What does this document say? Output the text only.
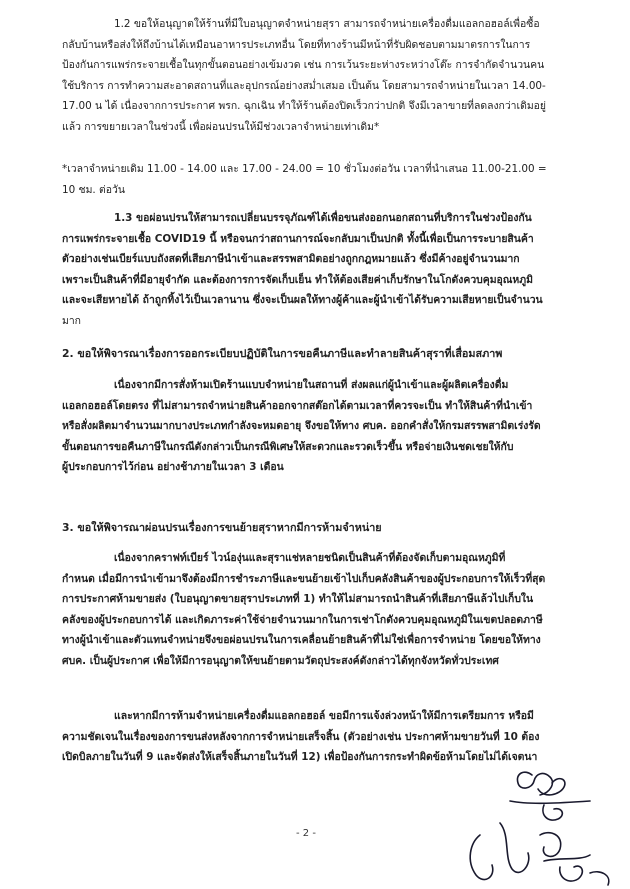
1.2 ขอให้อนุญาตให้ร้านที่มีใบอนุญาตจำหน่ายสุรา สามารถจำหน่ายเครื่องดื่มแอลกอฮอล์เพื่อซื้อ
กลับบ้านหรือส่งให้ถึงบ้านได้เหมือนอาหารประเภทอื่น โดยที่ทางร้านมีหน้าที่รับผิดชอบตามมาตรการในการ
ป้องกันการแพร่กระจายเชื้อในทุกขั้นตอนอย่างเข้มงวด เช่น การเว้นระยะห่างระหว่างโต๊ะ การจำกัดจำนวนคน
ใช้บริการ การทำความสะอาดสถานที่และอุปกรณ์อย่างสม่ำเสมอ เป็นต้น โดยสามารถจำหน่ายในเวลา 14.00-
17.00 น ได้ เนื่องจากการประกาศ พรก. ฉุกเฉิน ทำให้ร้านต้องปิดเร็วกว่าปกติ จึงมีเวลาขายที่ลดลงกว่าเดิมอยู่
แล้ว การขยายเวลาในช่วงนี้ เพื่อผ่อนปรนให้มีช่วงเวลาจำหน่ายเท่าเดิม*
*เวลาจำหน่ายเดิม 11.00 - 14.00 และ 17.00 - 24.00 = 10 ชั่วโมงต่อวัน เวลาที่นำเสนอ 11.00-21.00 =
10 ชม. ต่อวัน
1.3 ขอผ่อนปรนให้สามารถเปลี่ยนบรรจุภัณฑ์ได้เพื่อขนส่งออกนอกสถานที่บริการในช่วงป้องกัน
การแพร่กระจายเชื้อ COVID19 นี้ หรือจนกว่าสถานการณ์จะกลับมาเป็นปกติ ทั้งนี้เพื่อเป็นการระบายสินค้า
ตัวอย่างเช่นเบียร์แบบถังสดที่เสียภาษีนำเข้าและสรรพสามิตอย่างถูกกฎหมายแล้ว ซึ่งมีค้างอยู่จำนวนมาก
เพราะเป็นสินค้าที่มีอายุจำกัด และต้องการการจัดเก็บเย็น ทำให้ต้องเสียค่าเก็บรักษาในโกดังควบคุมอุณหภูมิ
และจะเสียหายได้ ถ้าถูกทิ้งไว้เป็นเวลานาน ซึ่งจะเป็นผลให้ทางผู้ค้าและผู้นำเข้าได้รับความเสียหายเป็นจำนวน
มาก
2. ขอให้พิจารณาเรื่องการออกระเบียบปฏิบัติในการขอคืนภาษีและทำลายสินค้าสุราที่เสื่อมสภาพ
เนื่องจากมีการสั่งห้ามเปิดร้านแบบจำหน่ายในสถานที่ ส่งผลแก่ผู้นำเข้าและผู้ผลิตเครื่องดื่ม
แอลกอฮอล์โดยตรง ที่ไม่สามารถจำหน่ายสินค้าออกจากสต๊อกได้ตามเวลาที่ควรจะเป็น ทำให้สินค้าที่นำเข้า
หรือสั่งผลิตมาจำนวนมากบางประเภทกำลังจะหมดอายุ จึงขอให้ทาง ศบค. ออกคำสั่งให้กรมสรรพสามิตเร่งรัด
ขั้นตอนการขอคืนภาษีในกรณีดังกล่าวเป็นกรณีพิเศษให้สะดวกและรวดเร็วขึ้น หรือจ่ายเงินชดเชยให้กับ
ผู้ประกอบการไว้ก่อน อย่างช้าภายในเวลา 3 เดือน
3. ขอให้พิจารณาผ่อนปรนเรื่องการขนย้ายสุราหากมีการห้ามจำหน่าย
เนื่องจากคราฟท์เบียร์ ไวน์องุ่นและสุราแช่หลายชนิดเป็นสินค้าที่ต้องจัดเก็บตามอุณหภูมิที่
กำหนด เมื่อมีการนำเข้ามาจึงต้องมีการชำระภาษีและขนย้ายเข้าไปเก็บคลังสินค้าของผู้ประกอบการให้เร็วที่สุด
การประกาศห้ามขายส่ง (ใบอนุญาตขายสุราประเภทที่ 1) ทำให้ไม่สามารถนำสินค้าที่เสียภาษีแล้วไปเก็บใน
คลังของผู้ประกอบการได้ และเกิดภาระค่าใช้จ่ายจำนวนมากในการเช่าโกดังควบคุมอุณหภูมิในเขตปลอดภาษี
ทางผู้นำเข้าและตัวแทนจำหน่ายจึงขอผ่อนปรนในการเคลื่อนย้ายสินค้าที่ไม่ใช่เพื่อการจำหน่าย โดยขอให้ทาง
ศบค. เป็นผู้ประกาศ เพื่อให้มีการอนุญาตให้ขนย้ายตามวัตถุประสงค์ดังกล่าวได้ทุกจังหวัดทั่วประเทศ
และหากมีการห้ามจำหน่ายเครื่องดื่มแอลกอฮอล์ ขอมีการแจ้งล่วงหน้าให้มีการเตรียมการ หรือมี
ความชัดเจนในเรื่องของการขนส่งหลังจากการจำหน่ายเสร็จสิ้น (ตัวอย่างเช่น ประกาศห้ามขายวันที่ 10 ต้อง
เปิดบิลภายในวันที่ 9 และจัดส่งให้เสร็จสิ้นภายในวันที่ 12) เพื่อป้องกันการกระทำผิดข้อห้ามโดยไม่ได้เจตนา
- 2 -
